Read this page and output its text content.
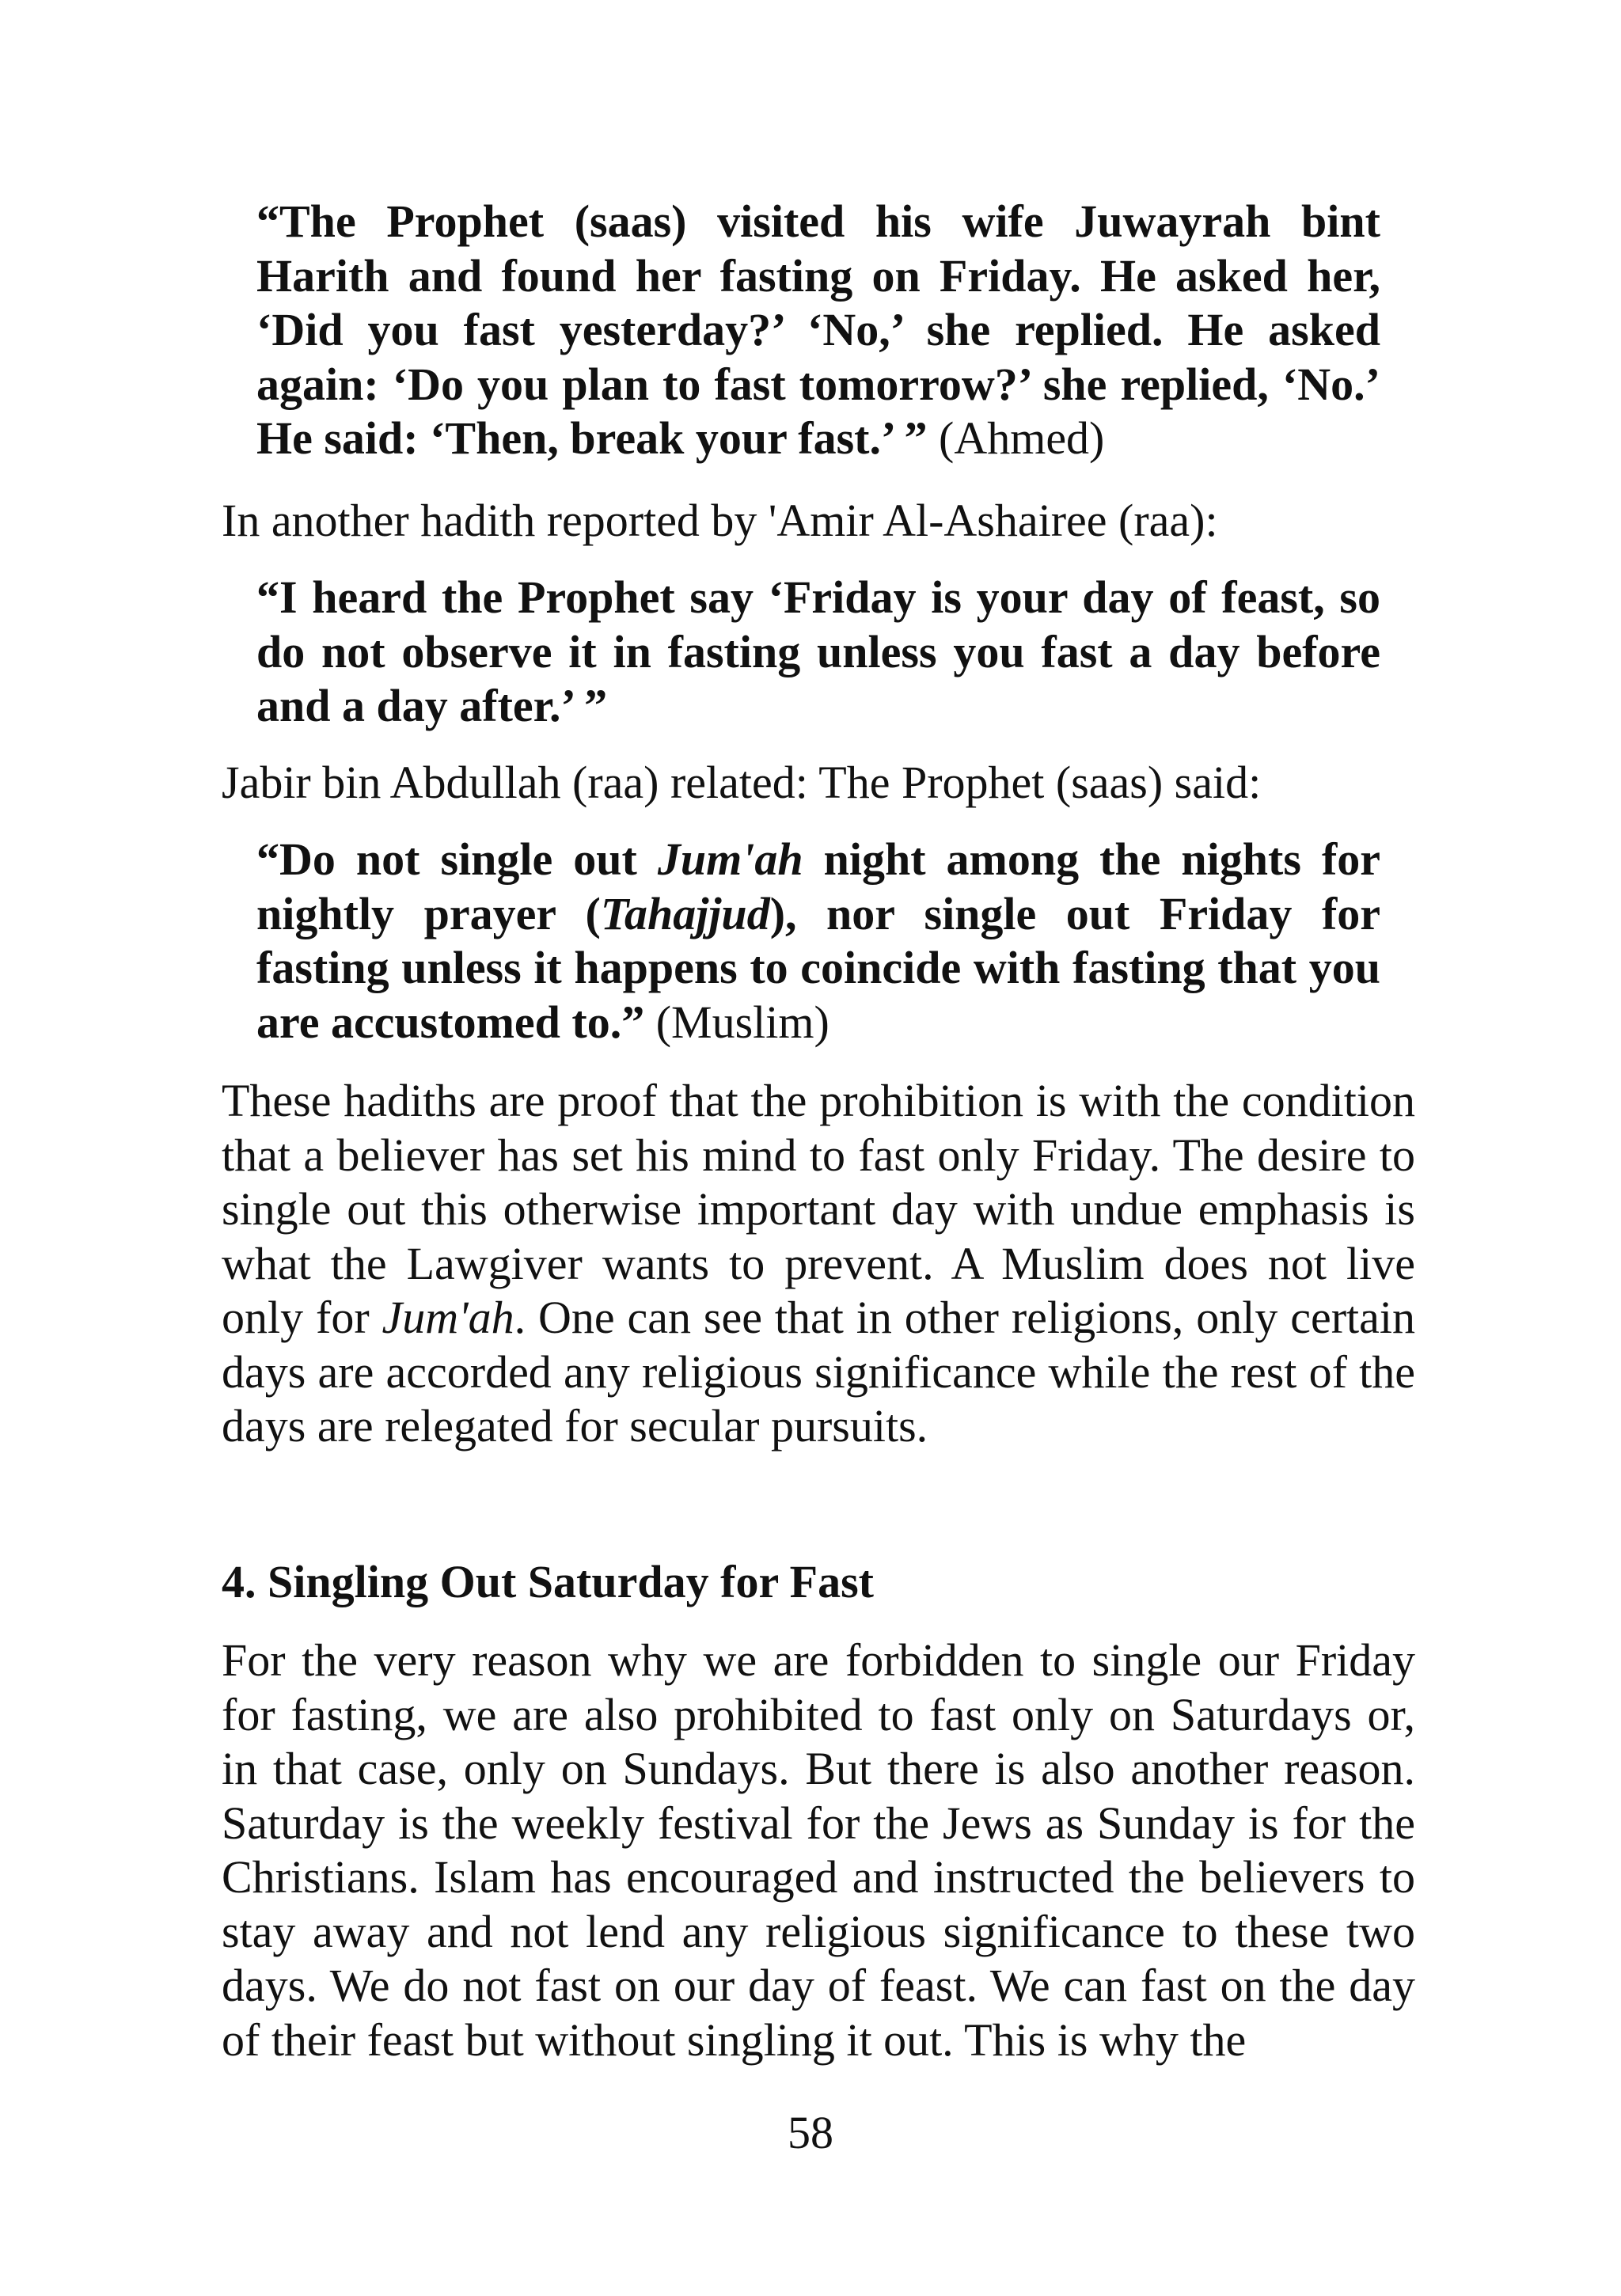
“The Prophet (saas) visited his wife Juwayrah bint Harith and found her fasting on Friday. He asked her, ‘Did you fast yesterday?’ ‘No,’ she replied. He asked again: ‘Do you plan to fast tomorrow?’ she replied, ‘No.’ He said: ‘Then, break your fast.’ ” (Ahmed)

In another hadith reported by 'Amir Al-Ashairee (raa):

“I heard the Prophet say ‘Friday is your day of feast, so do not observe it in fasting unless you fast a day before and a day after.’ ”

Jabir bin Abdullah (raa) related: The Prophet (saas) said:

“Do not single out Jum'ah night among the nights for nightly prayer (Tahajjud), nor single out Friday for fasting unless it happens to coincide with fasting that you are accustomed to.” (Muslim)

These hadiths are proof that the prohibition is with the condition that a believer has set his mind to fast only Friday. The desire to single out this otherwise important day with undue emphasis is what the Lawgiver wants to prevent. A Muslim does not live only for Jum'ah. One can see that in other religions, only certain days are accorded any religious significance while the rest of the days are relegated for secular pursuits.

4. Singling Out Saturday for Fast

For the very reason why we are forbidden to single our Friday for fasting, we are also prohibited to fast only on Saturdays or, in that case, only on Sundays. But there is also another reason. Saturday is the weekly festival for the Jews as Sunday is for the Christians. Islam has encouraged and instructed the believers to stay away and not lend any religious significance to these two days. We do not fast on our day of feast. We can fast on the day of their feast but without singling it out. This is why the

58
